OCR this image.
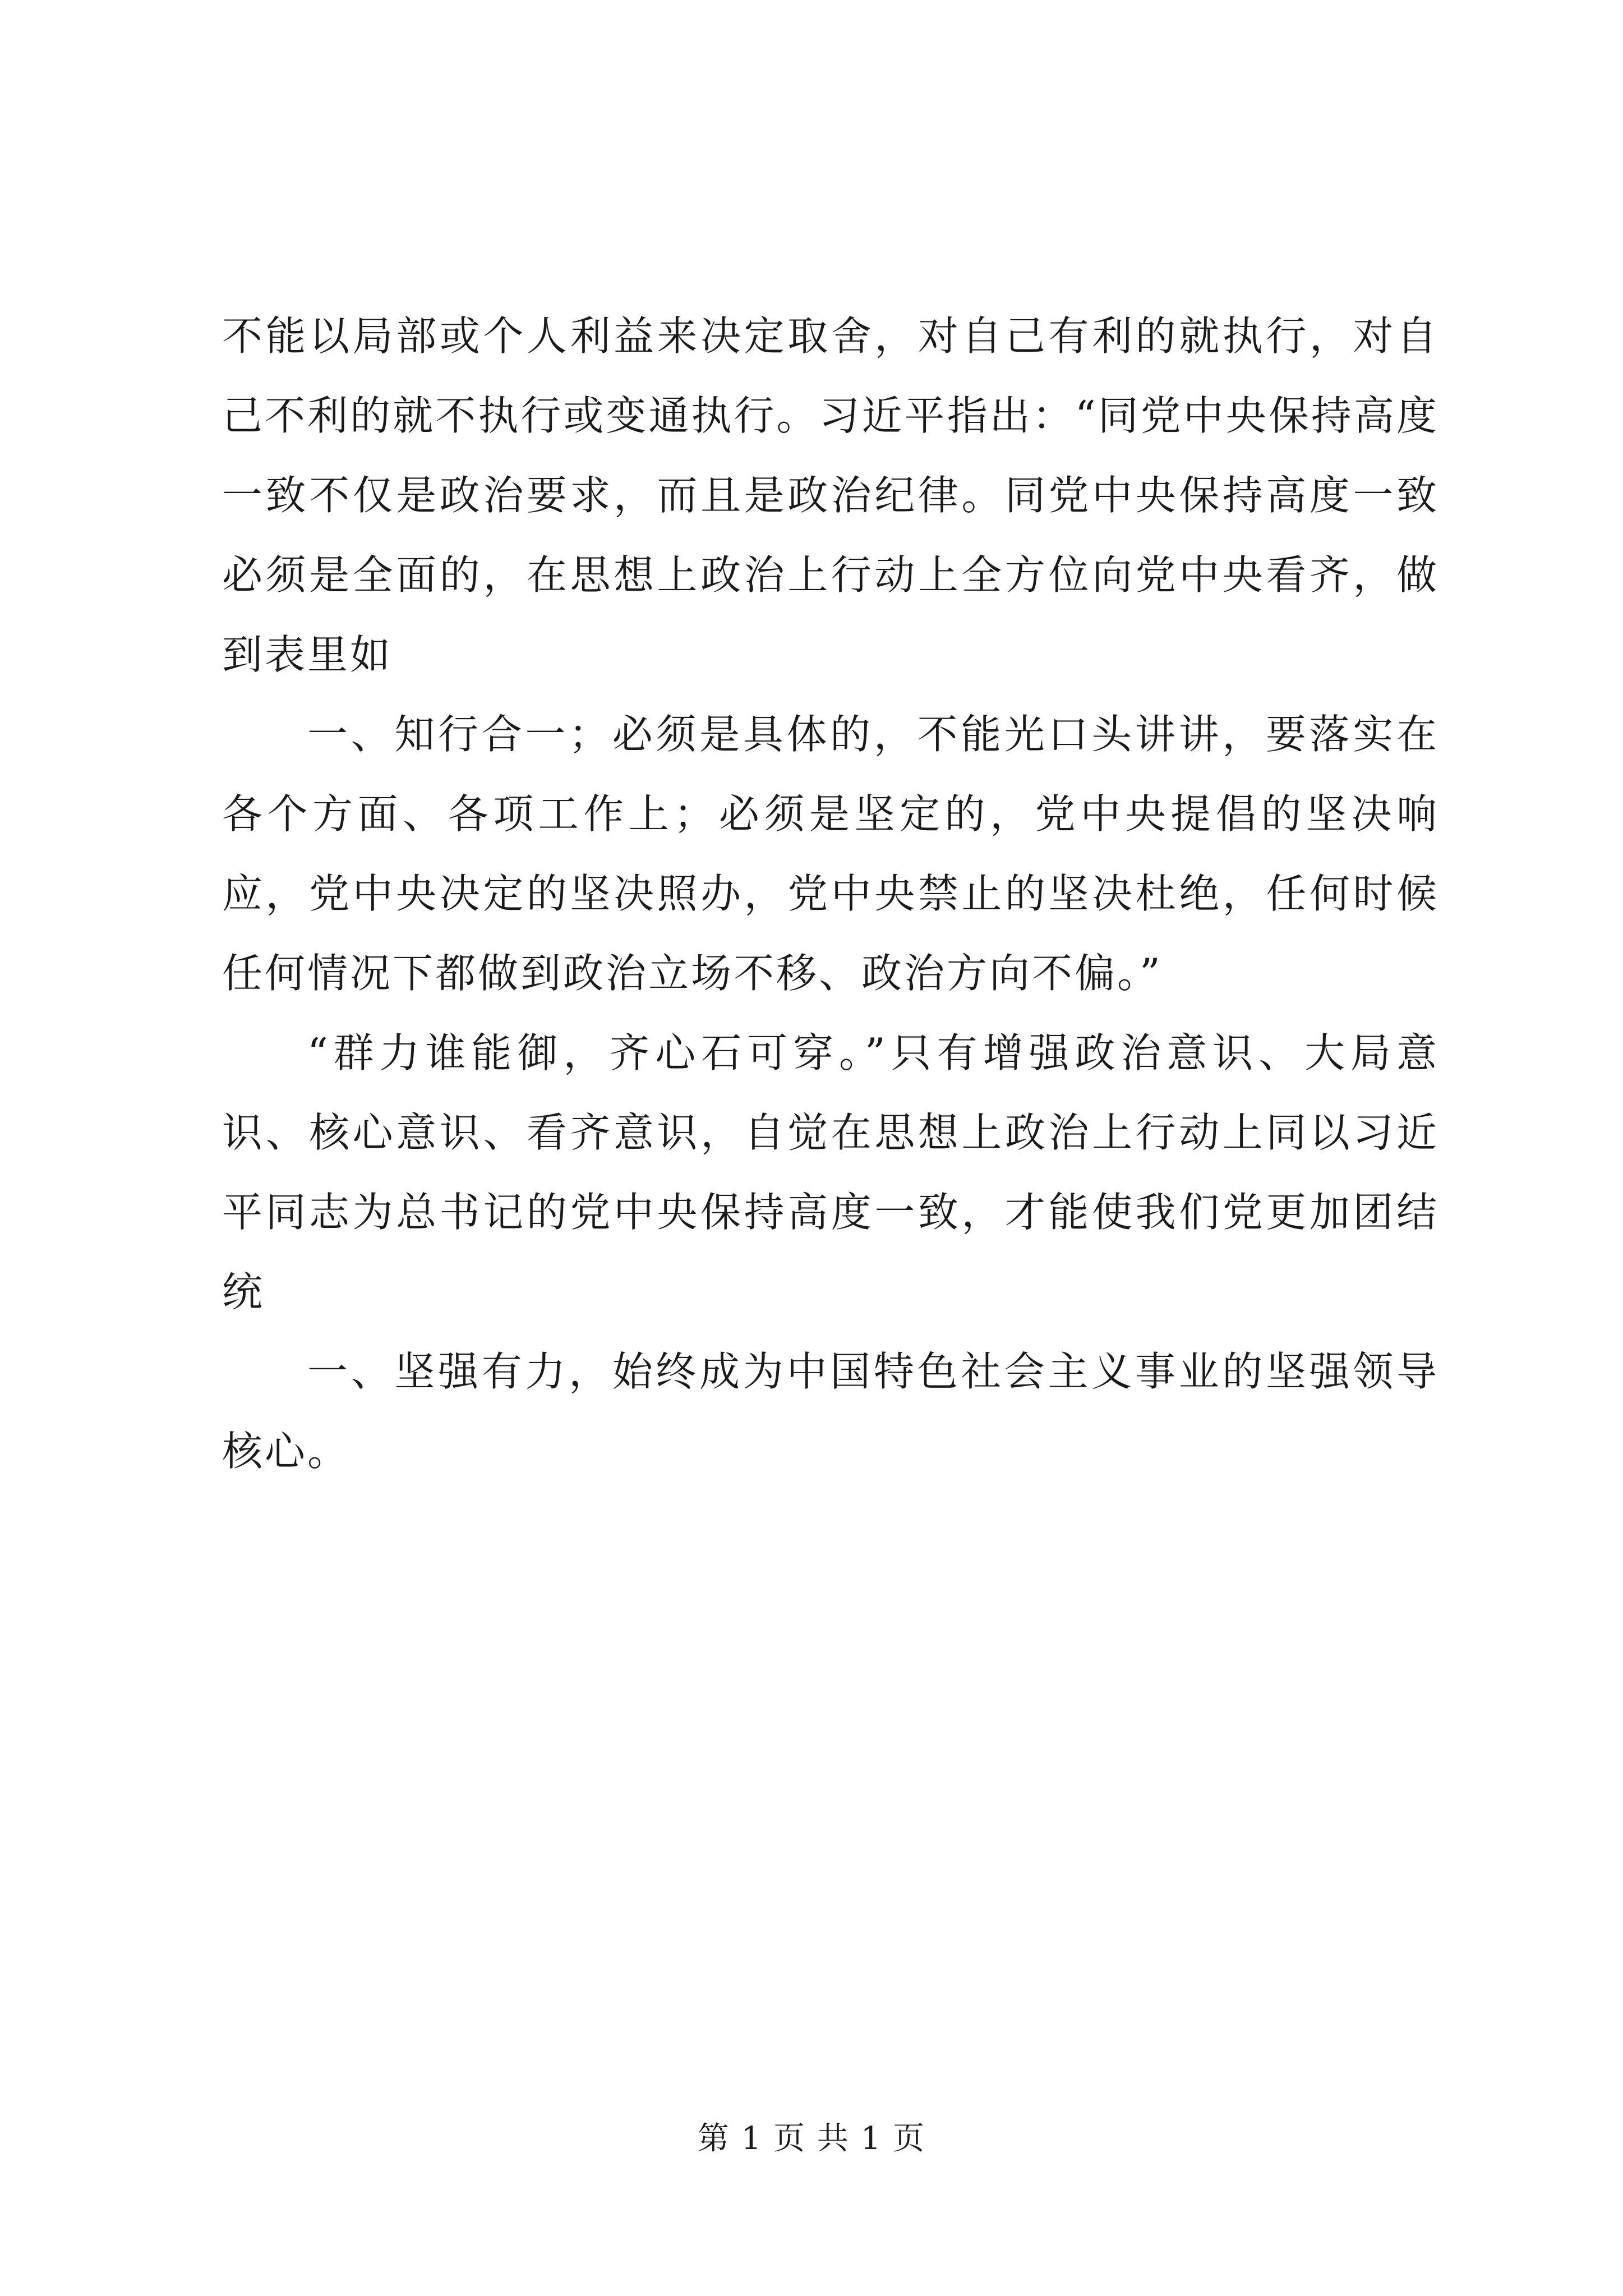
不能以局部或个人利益来决定取舍，对自己有利的就执行，对自己不利的就不执行或变通执行。习近平指出：“同党中央保持高度一致不仅是政治要求，而且是政治纪律。同党中央保持高度一致必须是全面的，在思想上政治上行动上全方位向党中央看齐，做到表里如

一、知行合一；必须是具体的，不能光口头讲讲，要落实在各个方面、各项工作上；必须是坚定的，党中央提倡的坚决响应，党中央决定的坚决照办，党中央禁止的坚决杜绝，任何时候任何情况下都做到政治立场不移、政治方向不偏。”

“群力谁能御，齐心石可穿。”只有增强政治意识、大局意识、核心意识、看齐意识，自觉在思想上政治上行动上同以习近平同志为总书记的党中央保持高度一致，才能使我们党更加团结统

一、坚强有力，始终成为中国特色社会主义事业的坚强领导核心。

第 1 页 共 1 页
